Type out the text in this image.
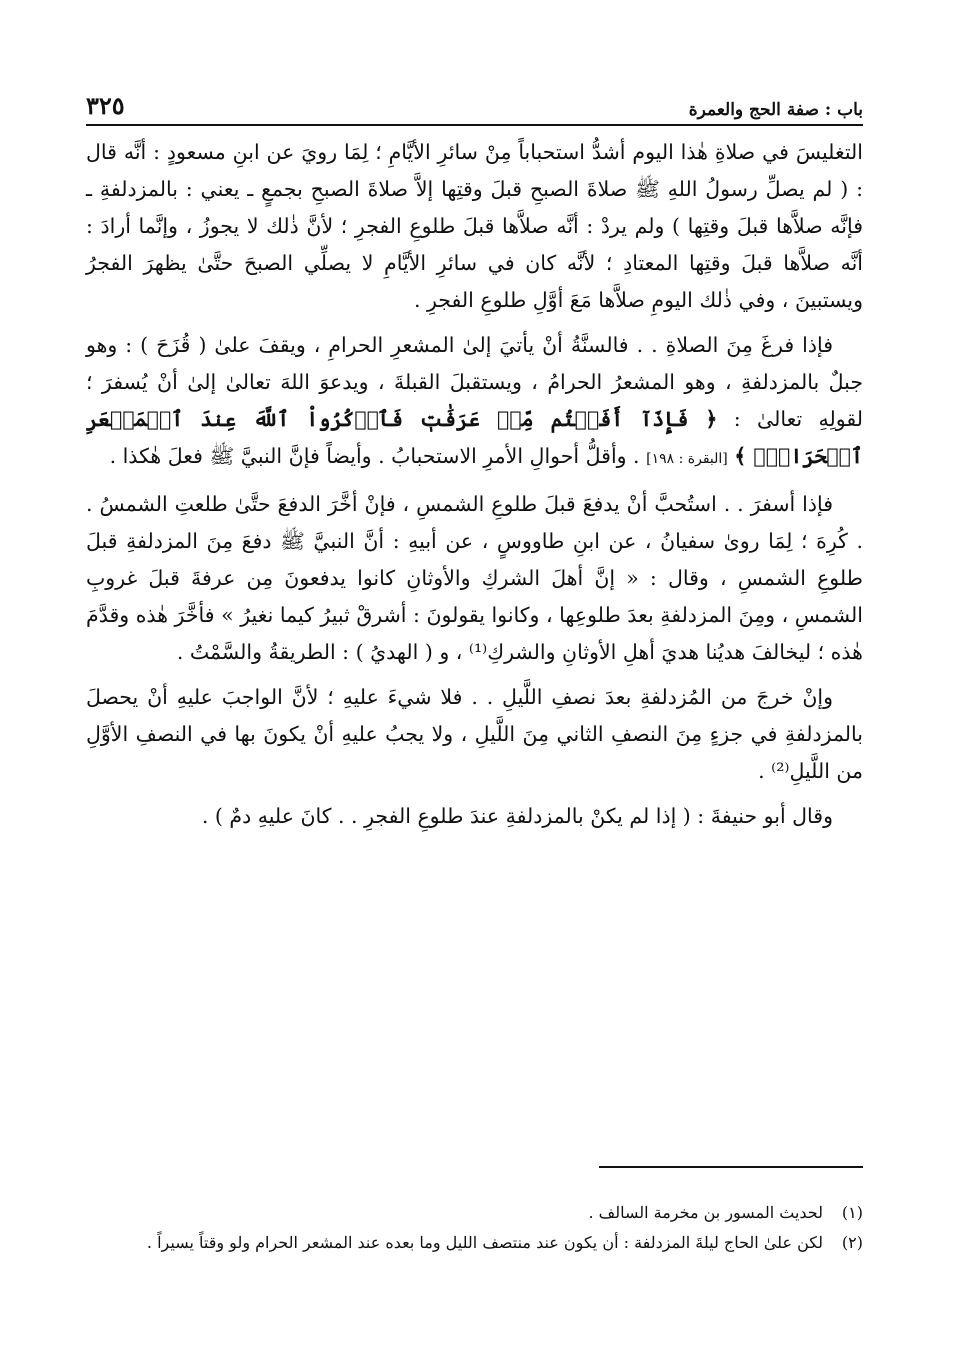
باب : صفة الحج والعمرة
٣٢٥

التغليسَ في صلاةِ هٰذا اليوم أشدُّ استحباباً مِنْ سائرِ الأيَّامِ ؛ لِمَا رويَ عن ابنِ مسعودٍ : أنَّه قال : ( لم يصلِّ رسولُ اللهِ ﷺ صلاةَ الصبحِ قبلَ وقتِها إلاَّ صلاةَ الصبحِ بجمعٍ ـ يعني : بالمزدلفةِ ـ فإنَّه صلاَّها قبلَ وقتِها ) ولم يردْ : أنَّه صلاَّها قبلَ طلوعِ الفجرِ ؛ لأنَّ ذٰلك لا يجوزُ ، وإنَّما أرادَ : أنَّه صلاَّها قبلَ وقتِها المعتادِ ؛ لأنَّه كان في سائرِ الأيَّامِ لا يصلِّي الصبحَ حتَّىٰ يظهرَ الفجرُ ويستبينَ ، وفي ذٰلك اليومِ صلاَّها مَعَ أوَّلِ طلوعِ الفجرِ .

فإذا فرغَ مِنَ الصلاةِ . . فالسنَّةُ أنْ يأتيَ إلىٰ المشعرِ الحرامِ ، ويقفَ علىٰ ( قُزَحَ ) : وهو جبلٌ بالمزدلفةِ ، وهو المشعرُ الحرامُ ، ويستقبلَ القبلةَ ، ويدعوَ اللهَ تعالىٰ إلىٰ أنْ يُسفرَ ؛ لقولِهِ تعالىٰ : ﴿ فَإِذَآ أَفَضۡتُم مِّنۡ عَرَفَٰتٖ فَٱذۡكُرُواْ ٱللَّهَ عِندَ ٱلۡمَشۡعَرِ ٱلۡحَرَامِۖ ﴾ [البقرة : ١٩٨] . وأقلُّ أحوالِ الأمرِ الاستحبابُ . وأيضاً فإنَّ النبيَّ ﷺ فعلَ هٰكذا .

فإذا أسفرَ . . استُحبَّ أنْ يدفعَ قبلَ طلوعِ الشمسِ ، فإنْ أخَّرَ الدفعَ حتَّىٰ طلعتِ الشمسُ . . كُرِهَ ؛ لِمَا روىٰ سفيانُ ، عن ابنِ طاووسٍ ، عن أبيهِ : أنَّ النبيَّ ﷺ دفعَ مِنَ المزدلفةِ قبلَ طلوعِ الشمسِ ، وقال : « إنَّ أهلَ الشركِ والأوثانِ كانوا يدفعونَ مِن عرفةَ قبلَ غروبِ الشمسِ ، ومِنَ المزدلفةِ بعدَ طلوعِها ، وكانوا يقولونَ : أشرقْ ثبيرُ كيما نغيرُ » فأخَّرَ هٰذه وقدَّمَ هٰذه ؛ ليخالفَ هديُنا هديَ أهلِ الأوثانِ والشركِ⁽¹⁾ ، و ( الهديُ ) : الطريقةُ والسَّمْتُ .

وإنْ خرجَ من المُزدلفةِ بعدَ نصفِ اللَّيلِ . . فلا شيءَ عليهِ ؛ لأنَّ الواجبَ عليهِ أنْ يحصلَ بالمزدلفةِ في جزءٍ مِنَ النصفِ الثاني مِنَ اللَّيلِ ، ولا يجبُ عليهِ أنْ يكونَ بها في النصفِ الأوَّلِ من اللَّيلِ⁽²⁾ .

وقال أبو حنيفةَ : ( إذا لم يكنْ بالمزدلفةِ عندَ طلوعِ الفجرِ . . كانَ عليهِ دمٌ ) .

(١)
لحديث المسور بن مخرمة السالف .
(٢)
لكن علىٰ الحاج ليلةَ المزدلفة : أن يكون عند منتصف الليل وما بعده عند المشعر الحرام ولو وقتاً يسيراً .
